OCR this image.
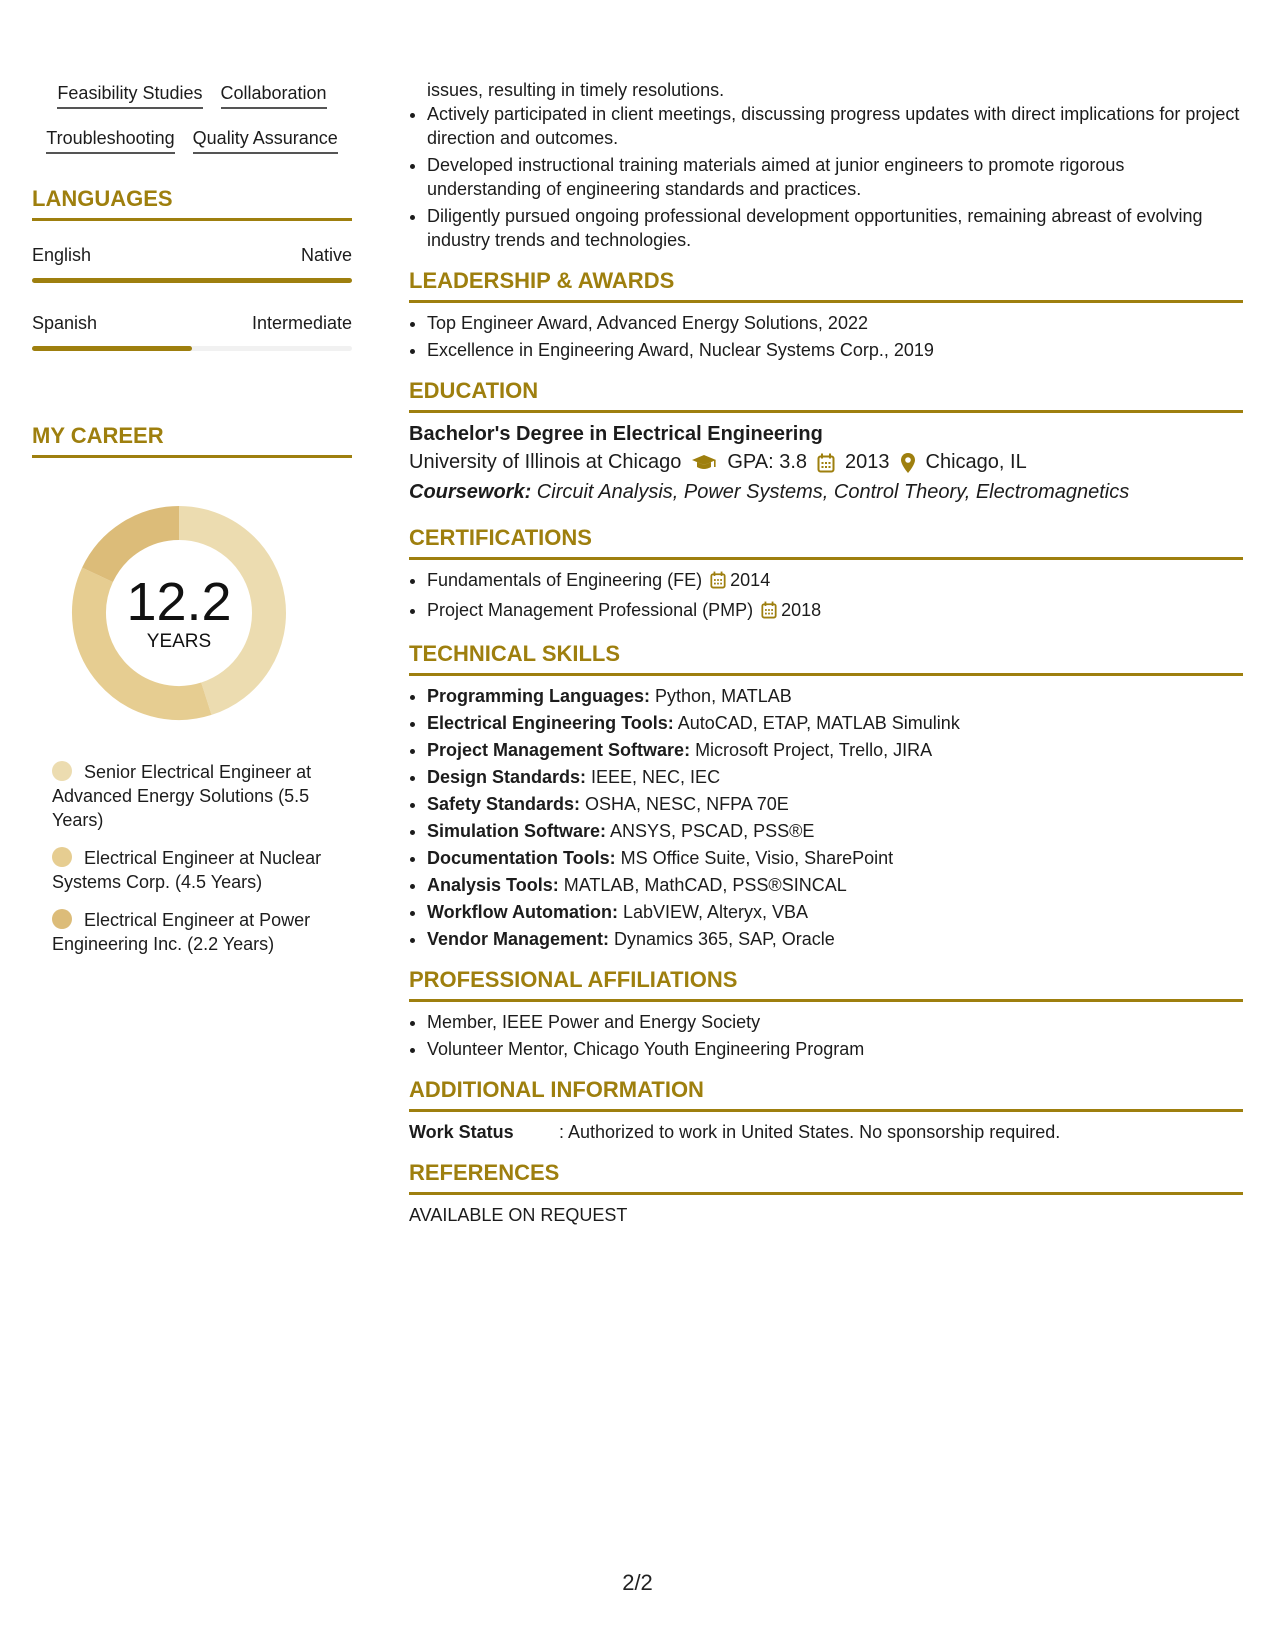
Feasibility Studies Collaboration
Troubleshooting Quality Assurance
LANGUAGES
English	Native
Spanish	Intermediate
MY CAREER
12.2
YEARS
Senior Electrical Engineer at Advanced Energy Solutions (5.5 Years)
Electrical Engineer at Nuclear Systems Corp. (4.5 Years)
Electrical Engineer at Power Engineering Inc. (2.2 Years)
issues, resulting in timely resolutions.
• Actively participated in client meetings, discussing progress updates with direct implications for project direction and outcomes.
• Developed instructional training materials aimed at junior engineers to promote rigorous understanding of engineering standards and practices.
• Diligently pursued ongoing professional development opportunities, remaining abreast of evolving industry trends and technologies.
LEADERSHIP & AWARDS
• Top Engineer Award, Advanced Energy Solutions, 2022
• Excellence in Engineering Award, Nuclear Systems Corp., 2019
EDUCATION
Bachelor's Degree in Electrical Engineering
University of Illinois at Chicago GPA: 3.8 2013 Chicago, IL
Coursework: Circuit Analysis, Power Systems, Control Theory, Electromagnetics
CERTIFICATIONS
• Fundamentals of Engineering (FE) 2014
• Project Management Professional (PMP) 2018
TECHNICAL SKILLS
• Programming Languages: Python, MATLAB
• Electrical Engineering Tools: AutoCAD, ETAP, MATLAB Simulink
• Project Management Software: Microsoft Project, Trello, JIRA
• Design Standards: IEEE, NEC, IEC
• Safety Standards: OSHA, NESC, NFPA 70E
• Simulation Software: ANSYS, PSCAD, PSS®E
• Documentation Tools: MS Office Suite, Visio, SharePoint
• Analysis Tools: MATLAB, MathCAD, PSS®SINCAL
• Workflow Automation: LabVIEW, Alteryx, VBA
• Vendor Management: Dynamics 365, SAP, Oracle
PROFESSIONAL AFFILIATIONS
• Member, IEEE Power and Energy Society
• Volunteer Mentor, Chicago Youth Engineering Program
ADDITIONAL INFORMATION
Work Status	: Authorized to work in United States. No sponsorship required.
REFERENCES
AVAILABLE ON REQUEST
2/2
